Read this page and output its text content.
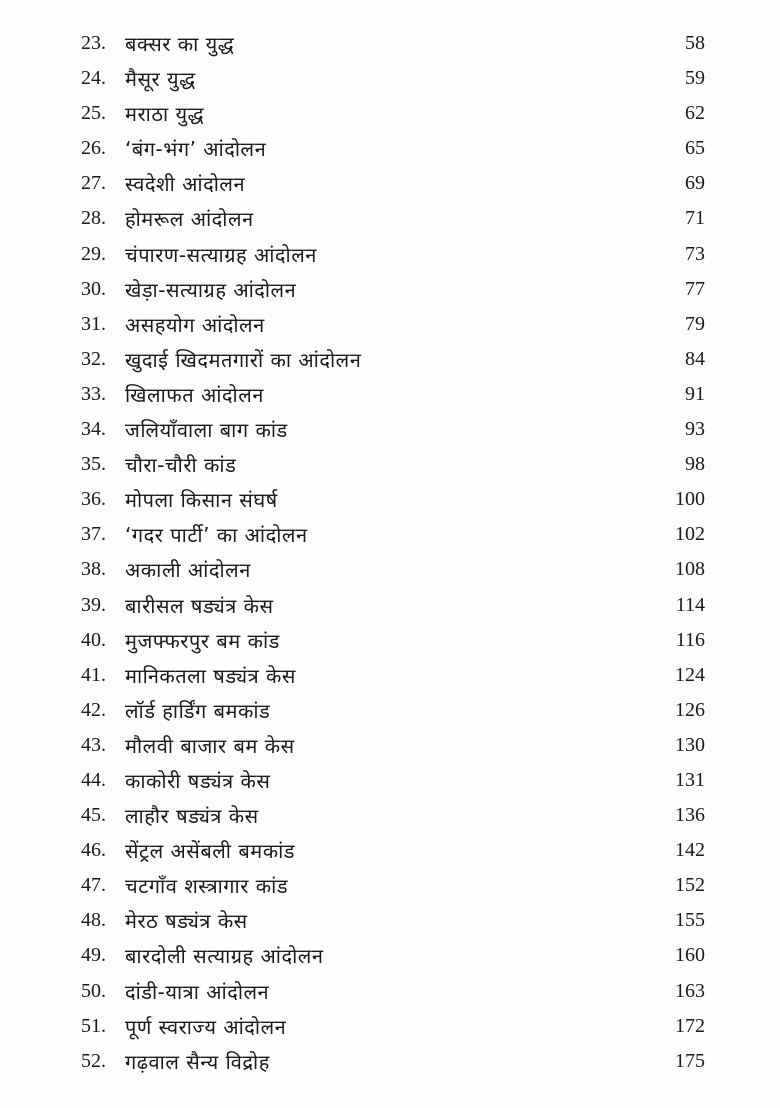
23. बक्सर का युद्ध	58
24. मैसूर युद्ध	59
25. मराठा युद्ध	62
26. ‘बंग-भंग’ आंदोलन	65
27. स्वदेशी आंदोलन	69
28. होमरूल आंदोलन	71
29. चंपारण-सत्याग्रह आंदोलन	73
30. खेड़ा-सत्याग्रह आंदोलन	77
31. असहयोग आंदोलन	79
32. खुदाई खिदमतगारों का आंदोलन	84
33. खिलाफत आंदोलन	91
34. जलियाँवाला बाग कांड	93
35. चौरा-चौरी कांड	98
36. मोपला किसान संघर्ष	100
37. ‘गदर पार्टी’ का आंदोलन	102
38. अकाली आंदोलन	108
39. बारीसल षड्यंत्र केस	114
40. मुजफ्फरपुर बम कांड	116
41. मानिकतला षड्यंत्र केस	124
42. लॉर्ड हार्डिंग बमकांड	126
43. मौलवी बाजार बम केस	130
44. काकोरी षड्यंत्र केस	131
45. लाहौर षड्यंत्र केस	136
46. सेंट्रल असेंबली बमकांड	142
47. चटगाँव शस्त्रागार कांड	152
48. मेरठ षड्यंत्र केस	155
49. बारदोली सत्याग्रह आंदोलन	160
50. दांडी-यात्रा आंदोलन	163
51. पूर्ण स्वराज्य आंदोलन	172
52. गढ़वाल सैन्य विद्रोह	175
